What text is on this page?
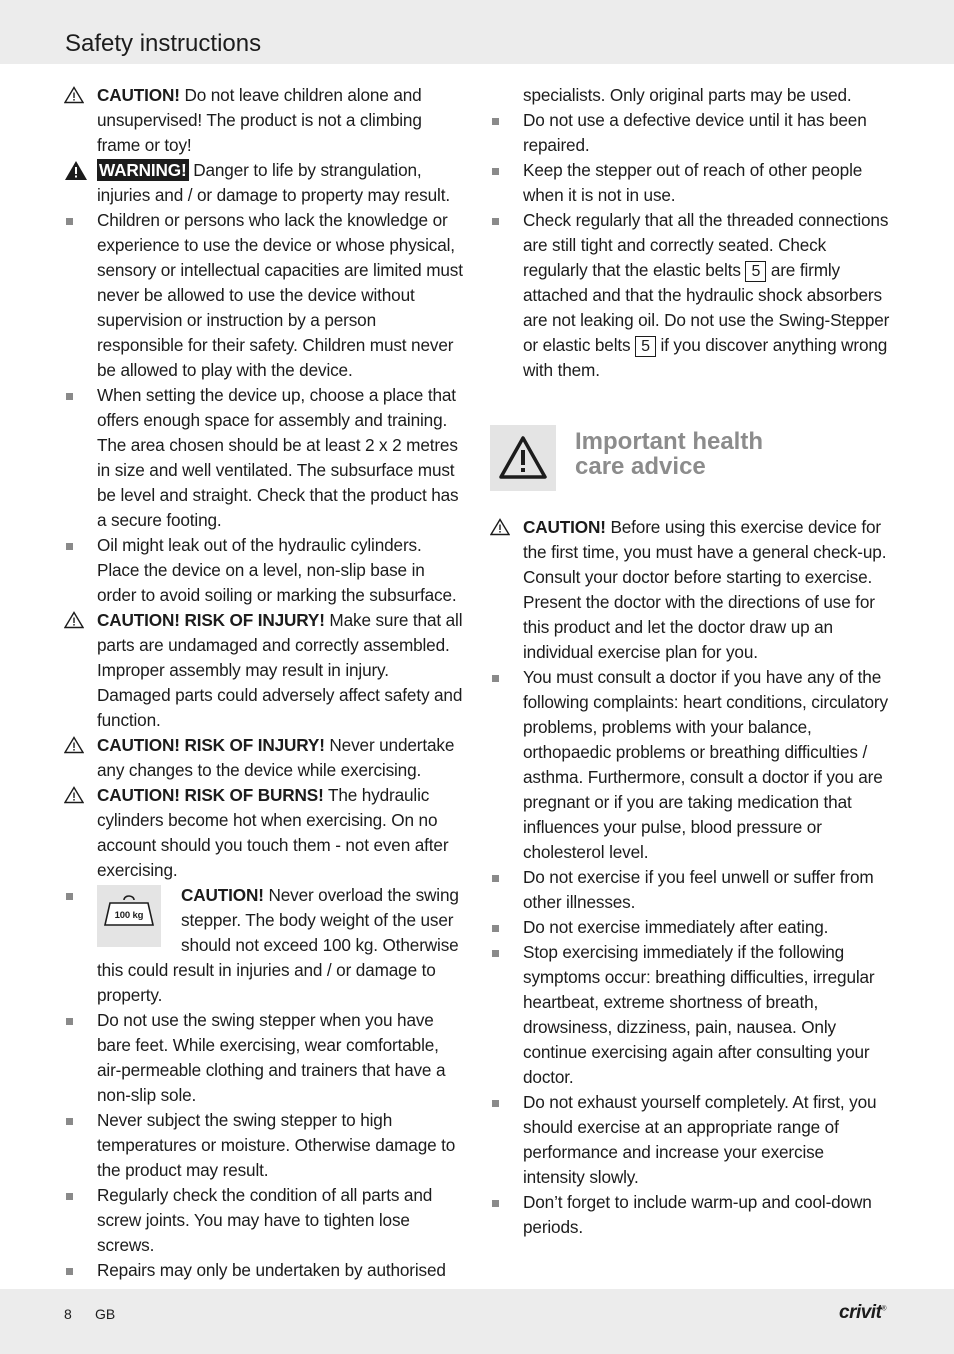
Safety instructions
CAUTION! Do not leave children alone and unsupervised! The product is not a climbing frame or toy!
WARNING! Danger to life by strangulation, injuries and / or damage to property may result.
Children or persons who lack the knowledge or experience to use the device or whose physical, sensory or intellectual capacities are limited must never be allowed to use the device without supervision or instruction by a person responsible for their safety. Children must never be allowed to play with the device.
When setting the device up, choose a place that offers enough space for assembly and training. The area chosen should be at least 2 x 2 metres in size and well ventilated. The subsurface must be level and straight. Check that the product has a secure footing.
Oil might leak out of the hydraulic cylinders. Place the device on a level, non-slip base in order to avoid soiling or marking the subsurface.
CAUTION! RISK OF INJURY! Make sure that all parts are undamaged and correctly assembled. Improper assembly may result in injury. Damaged parts could adversely affect safety and function.
CAUTION! RISK OF INJURY! Never undertake any changes to the device while exercising.
CAUTION! RISK OF BURNS! The hydraulic cylinders become hot when exercising. On no account should you touch them - not even after exercising.
100 kg
CAUTION! Never overload the swing stepper. The body weight of the user should not exceed 100 kg. Otherwise this could result in injuries and / or damage to property.
Do not use the swing stepper when you have bare feet. While exercising, wear comfortable, air-permeable clothing and trainers that have a non-slip sole.
Never subject the swing stepper to high temperatures or moisture. Otherwise damage to the product may result.
Regularly check the condition of all parts and screw joints. You may have to tighten lose screws.
Repairs may only be undertaken by authorised
specialists. Only original parts may be used.
Do not use a defective device until it has been repaired.
Keep the stepper out of reach of other people when it is not in use.
Check regularly that all the threaded connections are still tight and correctly seated. Check regularly that the elastic belts 5 are firmly attached and that the hydraulic shock absorbers are not leaking oil. Do not use the Swing-Stepper or elastic belts 5 if you discover anything wrong with them.
Important health
care advice
CAUTION! Before using this exercise device for the first time, you must have a general check-up. Consult your doctor before starting to exercise. Present the doctor with the directions of use for this product and let the doctor draw up an individual exercise plan for you.
You must consult a doctor if you have any of the following complaints: heart conditions, circulatory problems, problems with your balance, orthopaedic problems or breathing difficulties / asthma. Furthermore, consult a doctor if you are pregnant or if you are taking medication that influences your pulse, blood pressure or cholesterol level.
Do not exercise if you feel unwell or suffer from other illnesses.
Do not exercise immediately after eating.
Stop exercising immediately if the following symptoms occur: breathing difficulties, irregular heartbeat, extreme shortness of breath, drowsiness, dizziness, pain, nausea. Only continue exercising again after consulting your doctor.
Do not exhaust yourself completely. At first, you should exercise at an appropriate range of performance and increase your exercise intensity slowly.
Don’t forget to include warm-up and cool-down periods.
8 GB	crivit®
